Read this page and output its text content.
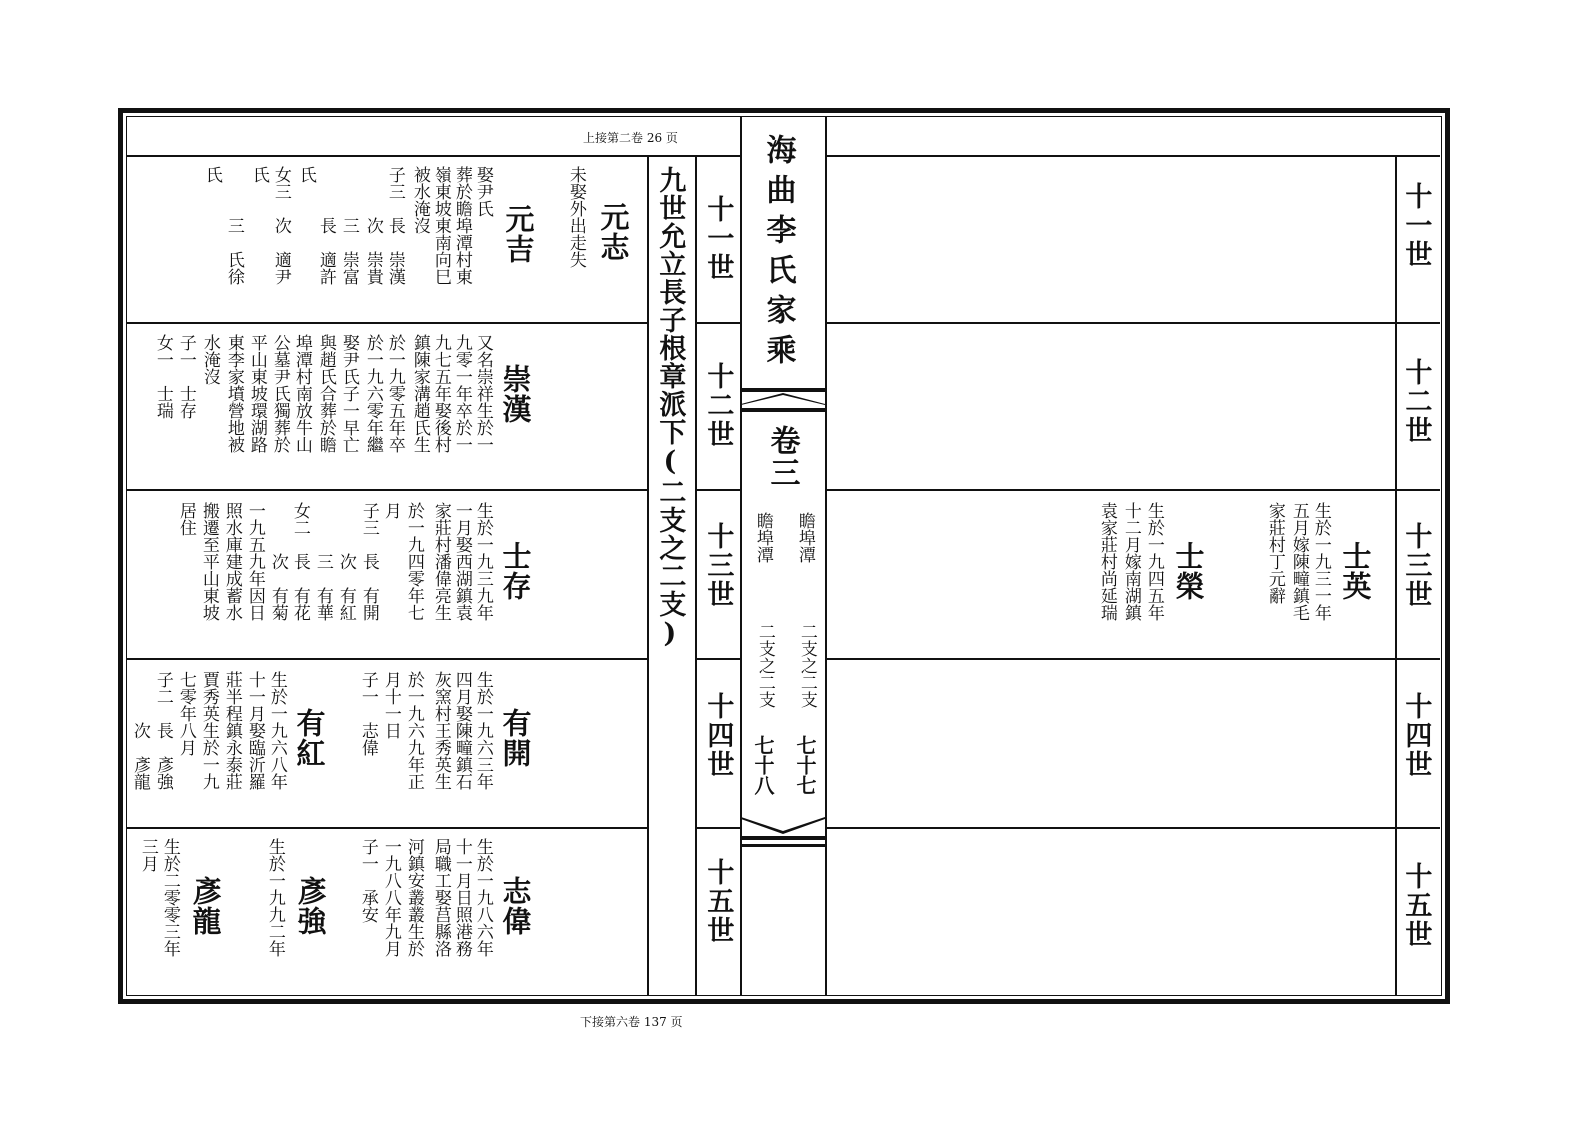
上接第二卷 26 页
下接第六卷 137 页
海曲李氏家乘
卷三
瞻埠潭
二支之二支
七十七
瞻埠潭
二支之二支
七十八
九世允立長子根章派下(二支之二支) 十一世
十二世
十三世
十四世
十五世
十一世
十二世
十三世
十四世
十五世
元志
未娶外出走失
元吉
娶尹氏
葬於瞻埠潭村東
嶺東坡東南向巳
被水淹沒
子三　長　崇漢
　　　次　崇貴
　　　三　崇富
　　　長　適許
女三　次　適尹
　　　三　氏徐	氏
氏
氏
崇漢
又名崇祥生於一
九零一年卒於一
九七五年娶後村
鎮陳家溝趙氏生
於一九零五年卒
於一九六零年繼
娶尹氏子一早亡
與趙氏合葬於瞻
埠潭村南放牛山
公墓尹氏獨葬於
平山東坡環湖路
東李家墳營地被
水淹沒
子一　士存
女一　士瑞
士存
生於一九三九年
一月娶西湖鎮袁
家莊村潘偉亮生
於一九四零年七
月
子三　長　有開
　　　次　有紅
　　　三　有華
女二　長　有花
　　　次　有菊
一九五九年因日
照水庫建成蓄水
搬遷至平山東坡
居住
有開
生於一九六三年
四月娶陳疃鎮石
灰窯村王秀英生
於一九六九年正
月十一日
子一　志偉
有紅
生於一九六八年
十一月娶臨沂羅
莊半程鎮永泰莊
賈秀英生於一九
七零年八月
子二　長　彥強
　　　次　彥龍
志偉
生於一九八六年
十一月日照港務
局職工娶莒縣洛
河鎮安叢叢生於
一九八八年九月
子一　承安
彥強
生於一九九二年
彥龍
生於二零零三年
三月
士英
生於一九三一年
五月嫁陳疃鎮毛
家莊村丁元辭
士榮
生於一九四五年
十二月嫁南湖鎮
袁家莊村尚延瑞
